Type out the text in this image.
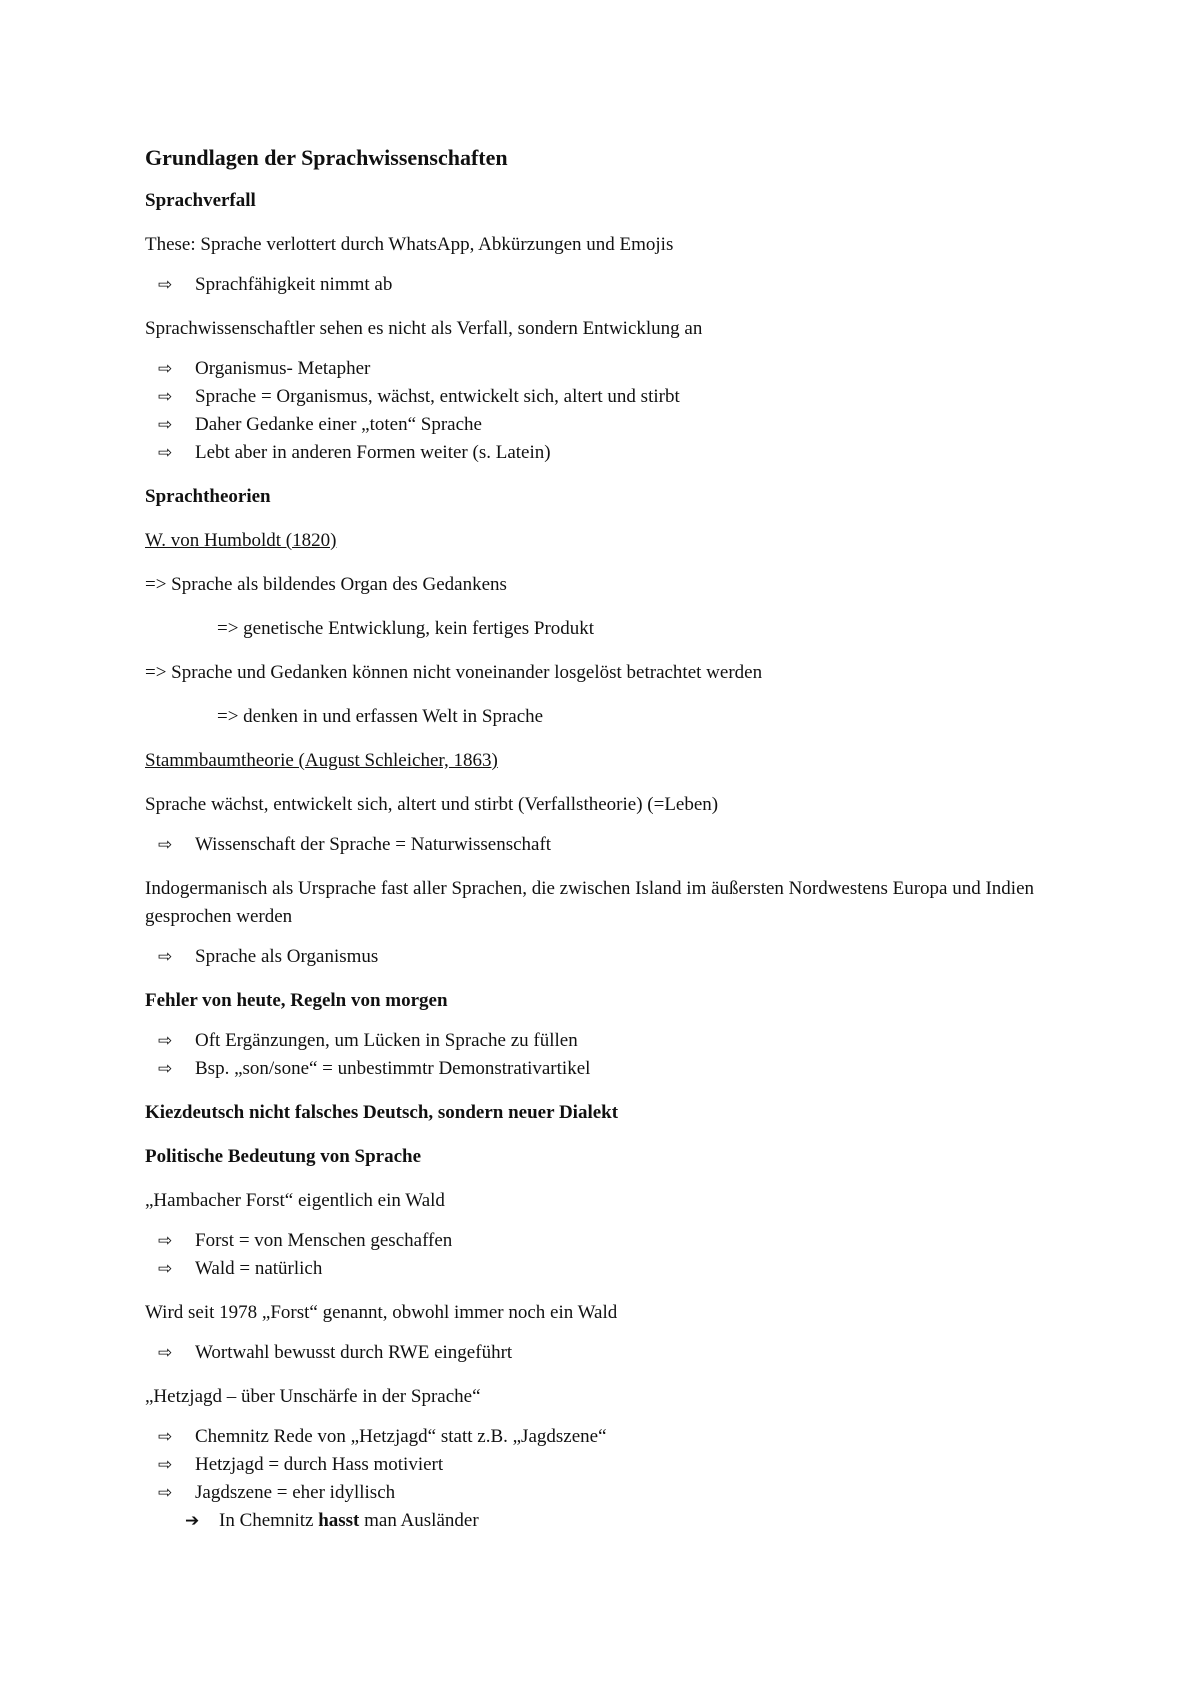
Grundlagen der Sprachwissenschaften
Sprachverfall

These: Sprache verlottert durch WhatsApp, Abkürzungen und Emojis

⇨ Sprachfähigkeit nimmt ab

Sprachwissenschaftler sehen es nicht als Verfall, sondern Entwicklung an

⇨ Organismus- Metapher
⇨ Sprache = Organismus, wächst, entwickelt sich, altert und stirbt
⇨ Daher Gedanke einer „toten“ Sprache
⇨ Lebt aber in anderen Formen weiter (s. Latein)
Sprachtheorien

W. von Humboldt (1820)

=> Sprache als bildendes Organ des Gedankens

=> genetische Entwicklung, kein fertiges Produkt

=> Sprache und Gedanken können nicht voneinander losgelöst betrachtet werden

=> denken in und erfassen Welt in Sprache

Stammbaumtheorie (August Schleicher, 1863)

Sprache wächst, entwickelt sich, altert und stirbt (Verfallstheorie) (=Leben)

⇨ Wissenschaft der Sprache = Naturwissenschaft

Indogermanisch als Ursprache fast aller Sprachen, die zwischen Island im äußersten Nordwestens Europa und Indien gesprochen werden

⇨ Sprache als Organismus
Fehler von heute, Regeln von morgen
⇨ Oft Ergänzungen, um Lücken in Sprache zu füllen
⇨ Bsp. „son/sone“ = unbestimmtr Demonstrativartikel
Kiezdeutsch nicht falsches Deutsch, sondern neuer Dialekt
Politische Bedeutung von Sprache

„Hambacher Forst“ eigentlich ein Wald

⇨ Forst = von Menschen geschaffen
⇨ Wald = natürlich

Wird seit 1978 „Forst“ genannt, obwohl immer noch ein Wald

⇨ Wortwahl bewusst durch RWE eingeführt

„Hetzjagd – über Unschärfe in der Sprache“

⇨ Chemnitz Rede von „Hetzjagd“ statt z.B. „Jagdszene“
⇨ Hetzjagd = durch Hass motiviert
⇨ Jagdszene = eher idyllisch
➔ In Chemnitz hasst man Ausländer
